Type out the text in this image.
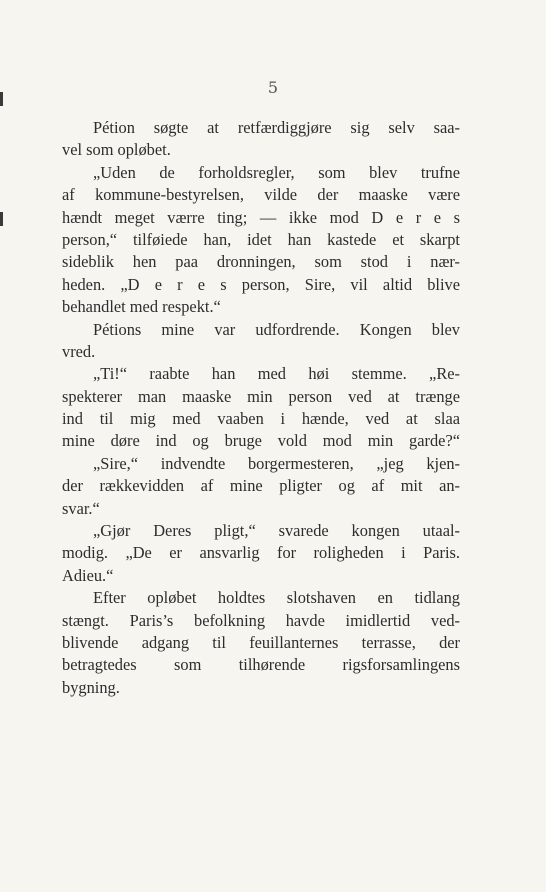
5
Pétion søgte at retfærdiggjøre sig selv saa-
vel som opløbet.
„Uden de forholdsregler, som blev trufne
af kommune-bestyrelsen, vilde der maaske være
hændt meget værre ting; — ikke mod D e r e s
person,“ tilføiede han, idet han kastede et skarpt
sideblik hen paa dronningen, som stod i nær-
heden. „D e r e s person, Sire, vil altid blive
behandlet med respekt.“
Pétions mine var udfordrende. Kongen blev
vred.
„Ti!“ raabte han med høi stemme. „Re-
spekterer man maaske min person ved at trænge
ind til mig med vaaben i hænde, ved at slaa
mine døre ind og bruge vold mod min garde?“
„Sire,“ indvendte borgermesteren, „jeg kjen-
der rækkevidden af mine pligter og af mit an-
svar.“
„Gjør Deres pligt,“ svarede kongen utaal-
modig. „De er ansvarlig for roligheden i Paris.
Adieu.“
Efter opløbet holdtes slotshaven en tidlang
stængt. Paris’s befolkning havde imidlertid ved-
blivende adgang til feuillanternes terrasse, der
betragtedes som tilhørende rigsforsamlingens
bygning.
